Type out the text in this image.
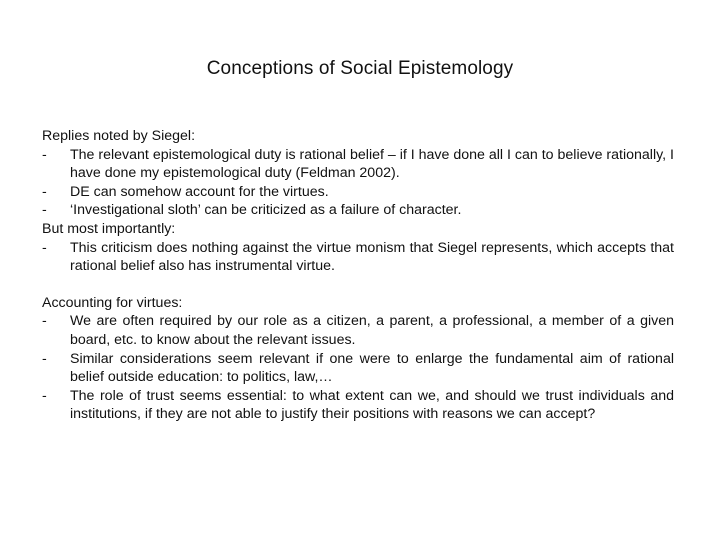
Conceptions of Social Epistemology

Replies noted by Siegel:

-	The relevant epistemological duty is rational belief – if I have done all I can to believe rationally, I have done my epistemological duty (Feldman 2002).
-	DE can somehow account for the virtues.
-	‘Investigational sloth’ can be criticized as a failure of character.

But most importantly:

-	This criticism does nothing against the virtue monism that Siegel represents, which accepts that rational belief also has instrumental virtue.

Accounting for virtues:

-	We are often required by our role as a citizen, a parent, a professional, a member of a given board, etc. to know about the relevant issues.
-	Similar considerations seem relevant if one were to enlarge the fundamental aim of rational belief outside education: to politics, law,…
-	The role of trust seems essential: to what extent can we, and should we trust individuals and institutions, if they are not able to justify their positions with reasons we can accept?
